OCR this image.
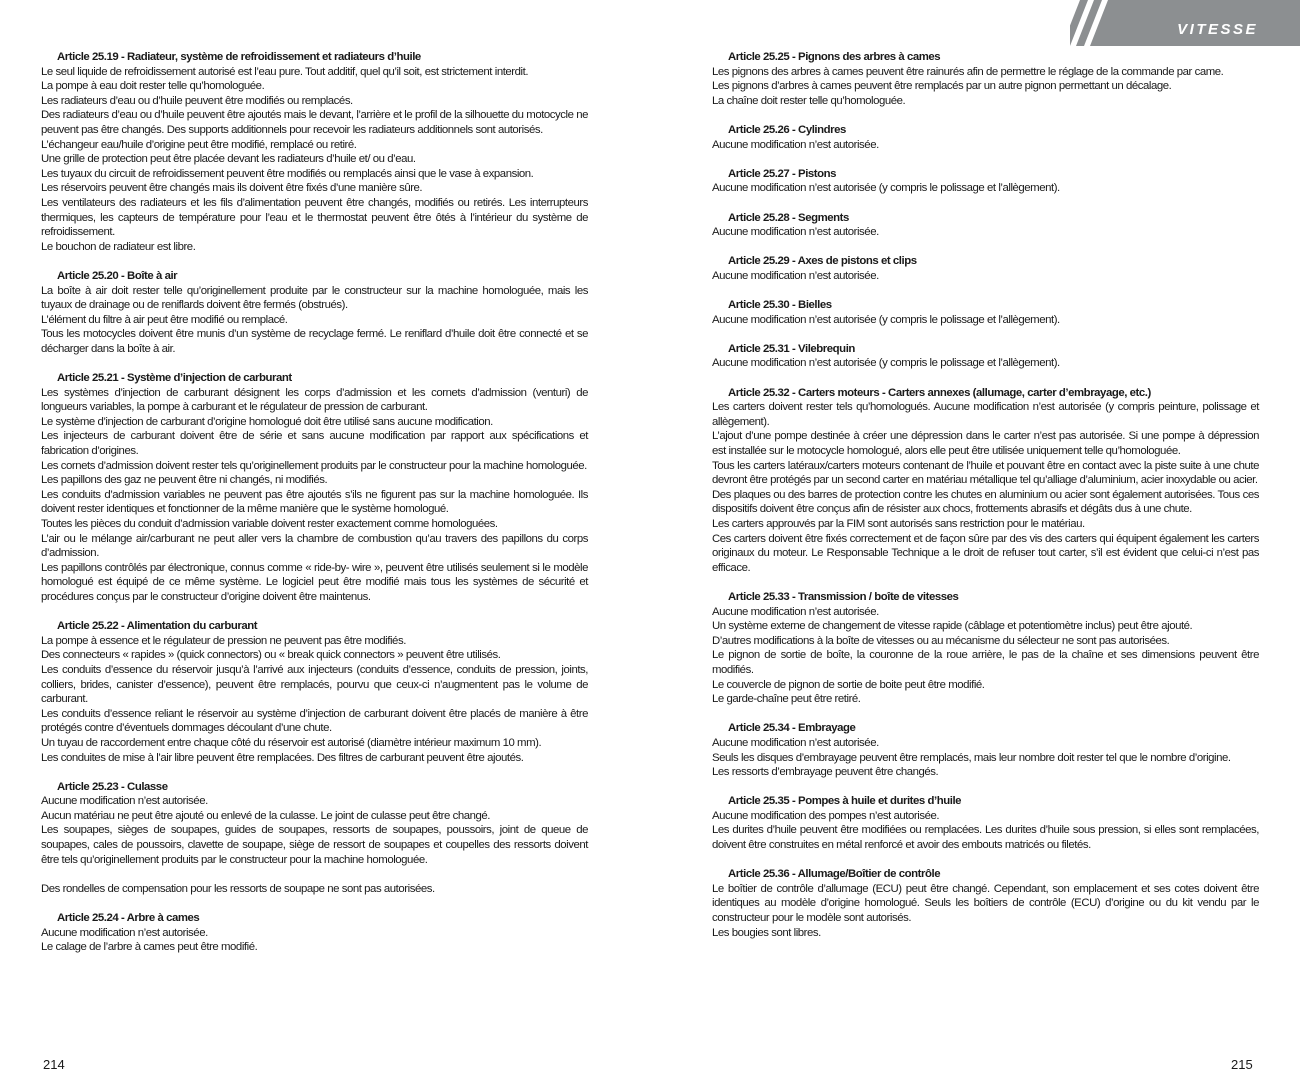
Article 25.19 - Radiateur, système de refroidissement et radiateurs d’huile

Le seul liquide de refroidissement autorisé est l’eau pure. Tout additif, quel qu’il soit, est strictement interdit.

La pompe à eau doit rester telle qu’homologuée.

Les radiateurs d’eau ou d’huile peuvent être modifiés ou remplacés.

Des radiateurs d’eau ou d’huile peuvent être ajoutés mais le devant, l’arrière et le profil de la silhouette du motocycle ne peuvent pas être changés. Des supports additionnels pour recevoir les radiateurs additionnels sont autorisés.

L’échangeur eau/huile d’origine peut être modifié, remplacé ou retiré.

Une grille de protection peut être placée devant les radiateurs d’huile et/ ou d’eau.

Les tuyaux du circuit de refroidissement peuvent être modifiés ou remplacés ainsi que le vase à expansion.

Les réservoirs peuvent être changés mais ils doivent être fixés d’une manière sûre.

Les ventilateurs des radiateurs et les fils d’alimentation peuvent être changés, modifiés ou retirés. Les interrupteurs thermiques, les capteurs de température pour l’eau et le thermostat peuvent être ôtés à l’intérieur du système de refroidissement.

Le bouchon de radiateur est libre.

Article 25.20 - Boîte à air

La boîte à air doit rester telle qu’originellement produite par le constructeur sur la machine homologuée, mais les tuyaux de drainage ou de reniflards doivent être fermés (obstrués).

L’élément du filtre à air peut être modifié ou remplacé.

Tous les motocycles doivent être munis d’un système de recyclage fermé. Le reniflard d’huile doit être connecté et se décharger dans la boîte à air.

Article 25.21 - Système d’injection de carburant

Les systèmes d’injection de carburant désignent les corps d’admission et les cornets d’admission (venturi) de longueurs variables, la pompe à carburant et le régulateur de pression de carburant.

Le système d’injection de carburant d’origine homologué doit être utilisé sans aucune modification.

Les injecteurs de carburant doivent être de série et sans aucune modification par rapport aux spécifications et fabrication d’origines.

Les cornets d’admission doivent rester tels qu’originellement produits par le constructeur pour la machine homologuée.

Les papillons des gaz ne peuvent être ni changés, ni modifiés.

Les conduits d’admission variables ne peuvent pas être ajoutés s’ils ne figurent pas sur la machine homologuée. Ils doivent rester identiques et fonctionner de la même manière que le système homologué.

Toutes les pièces du conduit d’admission variable doivent rester exactement comme homologuées.

L’air ou le mélange air/carburant ne peut aller vers la chambre de combustion qu’au travers des papillons du corps d’admission.

Les papillons contrôlés par électronique, connus comme « ride-by- wire », peuvent être utilisés seulement si le modèle homologué est équipé de ce même système. Le logiciel peut être modifié mais tous les systèmes de sécurité et procédures conçus par le constructeur d’origine doivent être maintenus.

Article 25.22 - Alimentation du carburant

La pompe à essence et le régulateur de pression ne peuvent pas être modifiés.

Des connecteurs « rapides » (quick connectors) ou « break quick connectors » peuvent être utilisés.

Les conduits d’essence du réservoir jusqu’à l’arrivé aux injecteurs (conduits d’essence, conduits de pression, joints, colliers, brides, canister d’essence), peuvent être remplacés, pourvu que ceux-ci n’augmentent pas le volume de carburant.

Les conduits d’essence reliant le réservoir au système d’injection de carburant doivent être placés de manière à être protégés contre d’éventuels dommages découlant d’une chute.

Un tuyau de raccordement entre chaque côté du réservoir est autorisé (diamètre intérieur maximum 10 mm).

Les conduites de mise à l’air libre peuvent être remplacées. Des filtres de carburant peuvent être ajoutés.

Article 25.23 - Culasse

Aucune modification n’est autorisée.

Aucun matériau ne peut être ajouté ou enlevé de la culasse. Le joint de culasse peut être changé.

Les soupapes, sièges de soupapes, guides de soupapes, ressorts de soupapes, poussoirs, joint de queue de soupapes, cales de poussoirs, clavette de soupape, siège de ressort de soupapes et coupelles des ressorts doivent être tels qu’originellement produits par le constructeur pour la machine homologuée.

Des rondelles de compensation pour les ressorts de soupape ne sont pas autorisées.

Article 25.24 - Arbre à cames

Aucune modification n’est autorisée.

Le calage de l’arbre à cames peut être modifié.

214
VITESSE
Article 25.25 - Pignons des arbres à cames

Les pignons des arbres à cames peuvent être rainurés afin de permettre le réglage de la commande par came.

Les pignons d’arbres à cames peuvent être remplacés par un autre pignon permettant un décalage.

La chaîne doit rester telle qu’homologuée.

Article 25.26 - Cylindres

Aucune modification n’est autorisée.

Article 25.27 - Pistons

Aucune modification n’est autorisée (y compris le polissage et l’allègement).

Article 25.28 - Segments

Aucune modification n’est autorisée.

Article 25.29 - Axes de pistons et clips

Aucune modification n’est autorisée.

Article 25.30 - Bielles

Aucune modification n’est autorisée (y compris le polissage et l’allègement).

Article 25.31 - Vilebrequin

Aucune modification n’est autorisée (y compris le polissage et l’allègement).

Article 25.32 - Carters moteurs - Carters annexes (allumage, carter d’embrayage, etc.)

Les carters doivent rester tels qu’homologués. Aucune modification n’est autorisée (y compris peinture, polissage et allègement).

L’ajout d’une pompe destinée à créer une dépression dans le carter n’est pas autorisée. Si une pompe à dépression est installée sur le motocycle homologué, alors elle peut être utilisée uniquement telle qu’homologuée.

Tous les carters latéraux/carters moteurs contenant de l’huile et pouvant être en contact avec la piste suite à une chute devront être protégés par un second carter en matériau métallique tel qu’alliage d’aluminium, acier inoxydable ou acier.

Des plaques ou des barres de protection contre les chutes en aluminium ou acier sont également autorisées. Tous ces dispositifs doivent être conçus afin de résister aux chocs, frottements abrasifs et dégâts dus à une chute.

Les carters approuvés par la FIM sont autorisés sans restriction pour le matériau.

Ces carters doivent être fixés correctement et de façon sûre par des vis des carters qui équipent également les carters originaux du moteur. Le Responsable Technique a le droit de refuser tout carter, s’il est évident que celui-ci n’est pas efficace.

Article 25.33 - Transmission / boîte de vitesses

Aucune modification n’est autorisée.

Un système externe de changement de vitesse rapide (câblage et potentiomètre inclus) peut être ajouté.

D’autres modifications à la boîte de vitesses ou au mécanisme du sélecteur ne sont pas autorisées.

Le pignon de sortie de boîte, la couronne de la roue arrière, le pas de la chaîne et ses dimensions peuvent être modifiés.

Le couvercle de pignon de sortie de boite peut être modifié.

Le garde-chaîne peut être retiré.

Article 25.34 - Embrayage

Aucune modification n’est autorisée.

Seuls les disques d’embrayage peuvent être remplacés, mais leur nombre doit rester tel que le nombre d’origine.

Les ressorts d’embrayage peuvent être changés.

Article 25.35 - Pompes à huile et durites d’huile

Aucune modification des pompes n’est autorisée.

Les durites d’huile peuvent être modifiées ou remplacées. Les durites d’huile sous pression, si elles sont remplacées, doivent être construites en métal renforcé et avoir des embouts matricés ou filetés.

Article 25.36 - Allumage/Boîtier de contrôle

Le boîtier de contrôle d’allumage (ECU) peut être changé. Cependant, son emplacement et ses cotes doivent être identiques au modèle d’origine homologué. Seuls les boîtiers de contrôle (ECU) d’origine ou du kit vendu par le constructeur pour le modèle sont autorisés.

Les bougies sont libres.

215
